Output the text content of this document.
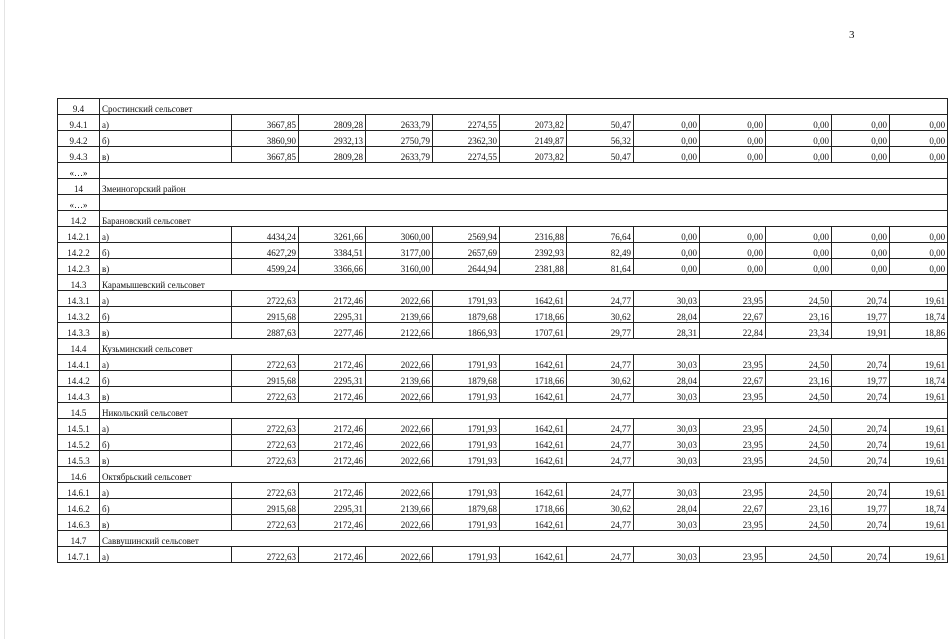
3
9.4	Сростинский сельсовет											
9.4.1	а)	3667,85	2809,28	2633,79	2274,55	2073,82	50,47	0,00	0,00	0,00	0,00	0,00
9.4.2	б)	3860,90	2932,13	2750,79	2362,30	2149,87	56,32	0,00	0,00	0,00	0,00	0,00
9.4.3	в)	3667,85	2809,28	2633,79	2274,55	2073,82	50,47	0,00	0,00	0,00	0,00	0,00
«…»												
14	Змеиногорский район											
«…»												
14.2	Барановский сельсовет											
14.2.1	а)	4434,24	3261,66	3060,00	2569,94	2316,88	76,64	0,00	0,00	0,00	0,00	0,00
14.2.2	б)	4627,29	3384,51	3177,00	2657,69	2392,93	82,49	0,00	0,00	0,00	0,00	0,00
14.2.3	в)	4599,24	3366,66	3160,00	2644,94	2381,88	81,64	0,00	0,00	0,00	0,00	0,00
14.3	Карамышевский сельсовет											
14.3.1	а)	2722,63	2172,46	2022,66	1791,93	1642,61	24,77	30,03	23,95	24,50	20,74	19,61
14.3.2	б)	2915,68	2295,31	2139,66	1879,68	1718,66	30,62	28,04	22,67	23,16	19,77	18,74
14.3.3	в)	2887,63	2277,46	2122,66	1866,93	1707,61	29,77	28,31	22,84	23,34	19,91	18,86
14.4	Кузьминский сельсовет											
14.4.1	а)	2722,63	2172,46	2022,66	1791,93	1642,61	24,77	30,03	23,95	24,50	20,74	19,61
14.4.2	б)	2915,68	2295,31	2139,66	1879,68	1718,66	30,62	28,04	22,67	23,16	19,77	18,74
14.4.3	в)	2722,63	2172,46	2022,66	1791,93	1642,61	24,77	30,03	23,95	24,50	20,74	19,61
14.5	Никольский сельсовет											
14.5.1	а)	2722,63	2172,46	2022,66	1791,93	1642,61	24,77	30,03	23,95	24,50	20,74	19,61
14.5.2	б)	2722,63	2172,46	2022,66	1791,93	1642,61	24,77	30,03	23,95	24,50	20,74	19,61
14.5.3	в)	2722,63	2172,46	2022,66	1791,93	1642,61	24,77	30,03	23,95	24,50	20,74	19,61
14.6	Октябрьский сельсовет											
14.6.1	а)	2722,63	2172,46	2022,66	1791,93	1642,61	24,77	30,03	23,95	24,50	20,74	19,61
14.6.2	б)	2915,68	2295,31	2139,66	1879,68	1718,66	30,62	28,04	22,67	23,16	19,77	18,74
14.6.3	в)	2722,63	2172,46	2022,66	1791,93	1642,61	24,77	30,03	23,95	24,50	20,74	19,61
14.7	Саввушинский сельсовет											
14.7.1	а)	2722,63	2172,46	2022,66	1791,93	1642,61	24,77	30,03	23,95	24,50	20,74	19,61
